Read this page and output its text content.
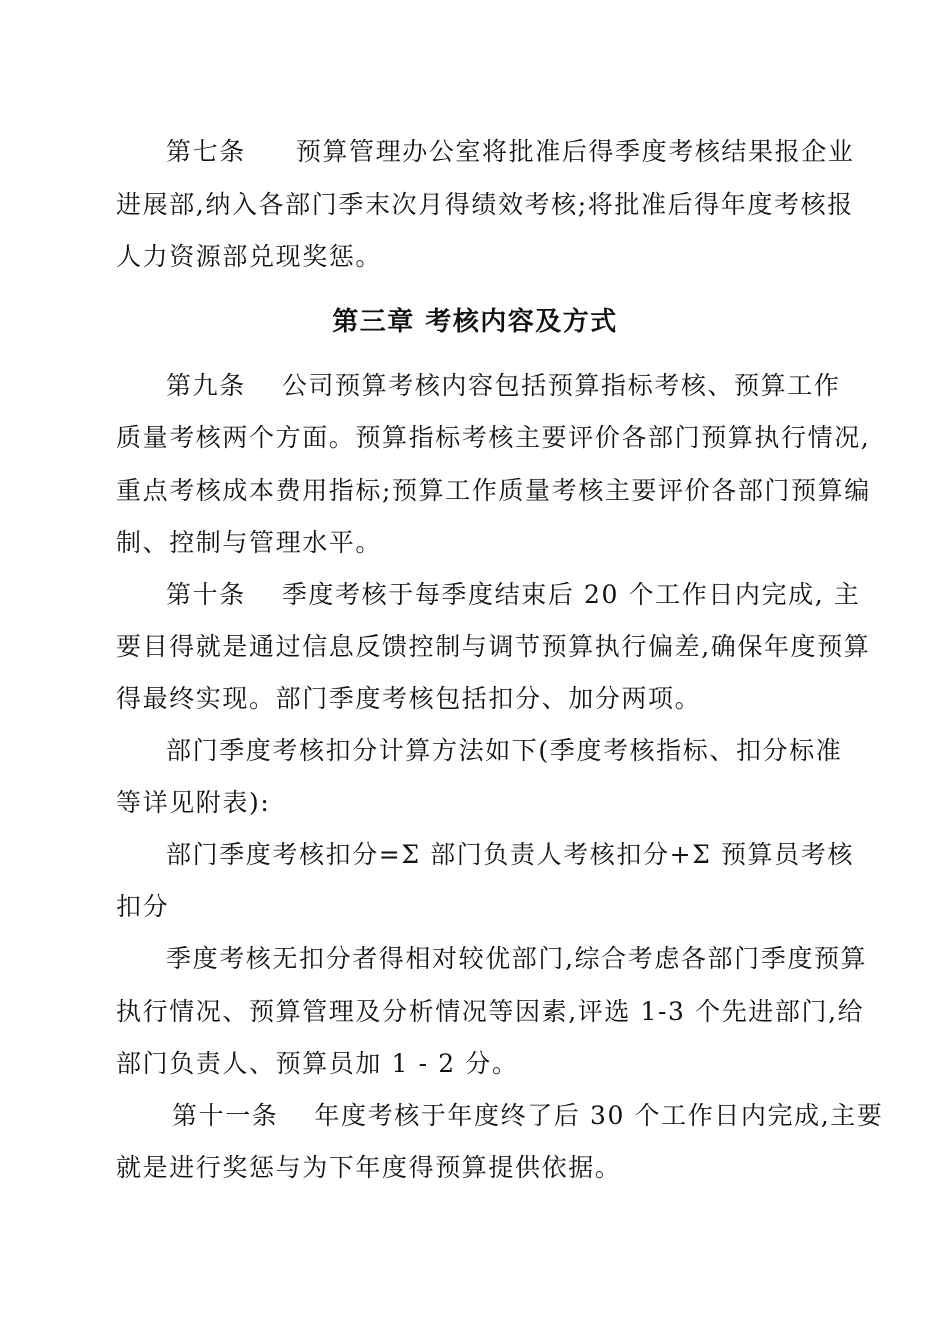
第七条 预算管理办公室将批准后得季度考核结果报企业
进展部,纳入各部门季末次月得绩效考核;将批准后得年度考核报
人力资源部兑现奖惩。
第三章 考核内容及方式
第九条 公司预算考核内容包括预算指标考核、预算工作
质量考核两个方面。预算指标考核主要评价各部门预算执行情况,
重点考核成本费用指标;预算工作质量考核主要评价各部门预算编
制、控制与管理水平。
第十条 季度考核于每季度结束后 20 个工作日内完成, 主
要目得就是通过信息反馈控制与调节预算执行偏差,确保年度预算
得最终实现。部门季度考核包括扣分、加分两项。
部门季度考核扣分计算方法如下(季度考核指标、扣分标准
等详见附表):
部门季度考核扣分=Σ 部门负责人考核扣分+Σ 预算员考核
扣分
季度考核无扣分者得相对较优部门,综合考虑各部门季度预算
执行情况、预算管理及分析情况等因素,评选 1-3 个先进部门,给
部门负责人、预算员加 1 - 2 分。
第十一条 年度考核于年度终了后 30 个工作日内完成,主要
就是进行奖惩与为下年度得预算提供依据。
